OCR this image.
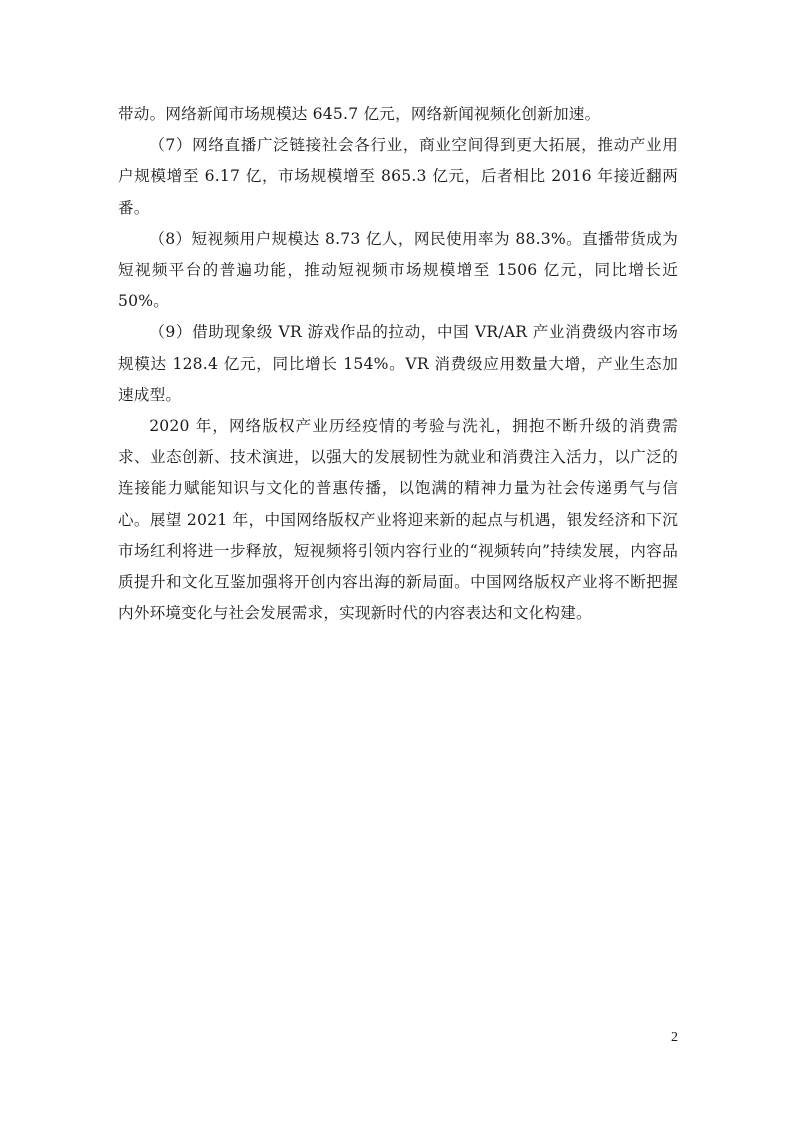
带动。网络新闻市场规模达 645.7 亿元，网络新闻视频化创新加速。

（7）网络直播广泛链接社会各行业，商业空间得到更大拓展，推动产业用户规模增至 6.17 亿，市场规模增至 865.3 亿元，后者相比 2016 年接近翻两番。

（8）短视频用户规模达 8.73 亿人，网民使用率为 88.3%。直播带货成为短视频平台的普遍功能，推动短视频市场规模增至 1506 亿元，同比增长近 50%。

（9）借助现象级 VR 游戏作品的拉动，中国 VR/AR 产业消费级内容市场规模达 128.4 亿元，同比增长 154%。VR 消费级应用数量大增，产业生态加速成型。

2020 年，网络版权产业历经疫情的考验与洗礼，拥抱不断升级的消费需求、业态创新、技术演进，以强大的发展韧性为就业和消费注入活力，以广泛的连接能力赋能知识与文化的普惠传播，以饱满的精神力量为社会传递勇气与信心。展望 2021 年，中国网络版权产业将迎来新的起点与机遇，银发经济和下沉市场红利将进一步释放，短视频将引领内容行业的“视频转向”持续发展，内容品质提升和文化互鉴加强将开创内容出海的新局面。中国网络版权产业将不断把握内外环境变化与社会发展需求，实现新时代的内容表达和文化构建。

2
